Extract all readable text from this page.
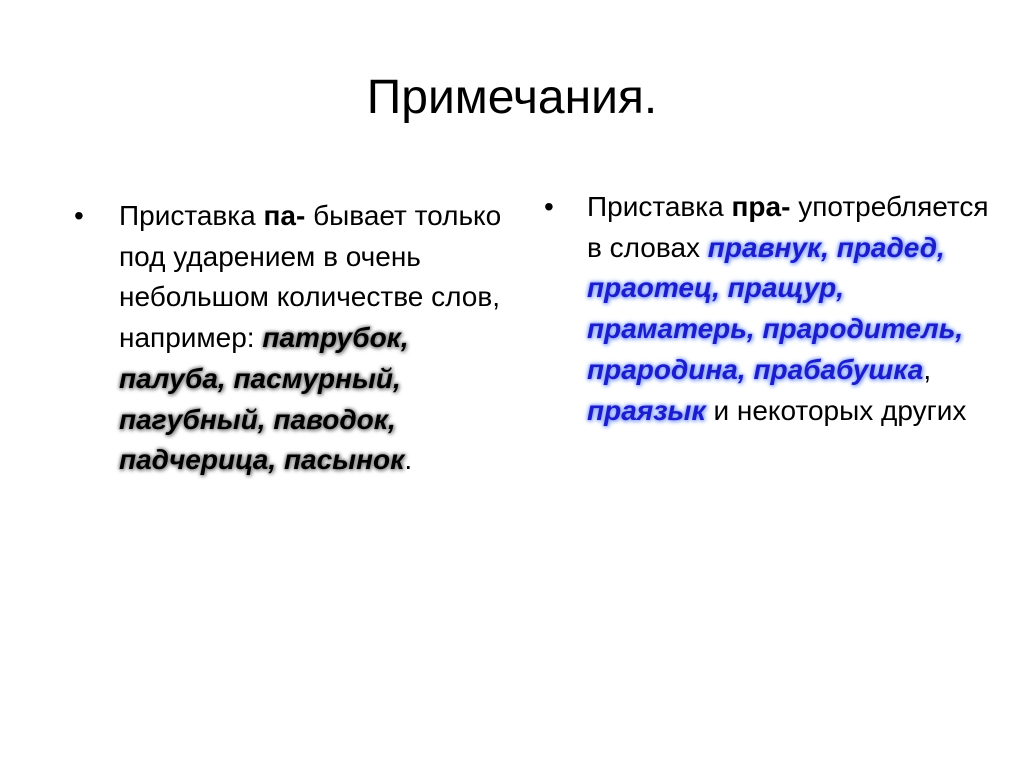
Примечания.
• Приставка па- бывает только под ударением в очень небольшом количестве слов, например: патрубок, палуба, пасмурный, пагубный, паводок, падчерица, пасынок.
• Приставка пра- употребляется в словах правнук, прадед, праотец, пращур, праматерь, прародитель, прародина, прабабушка, праязык и некоторых других
